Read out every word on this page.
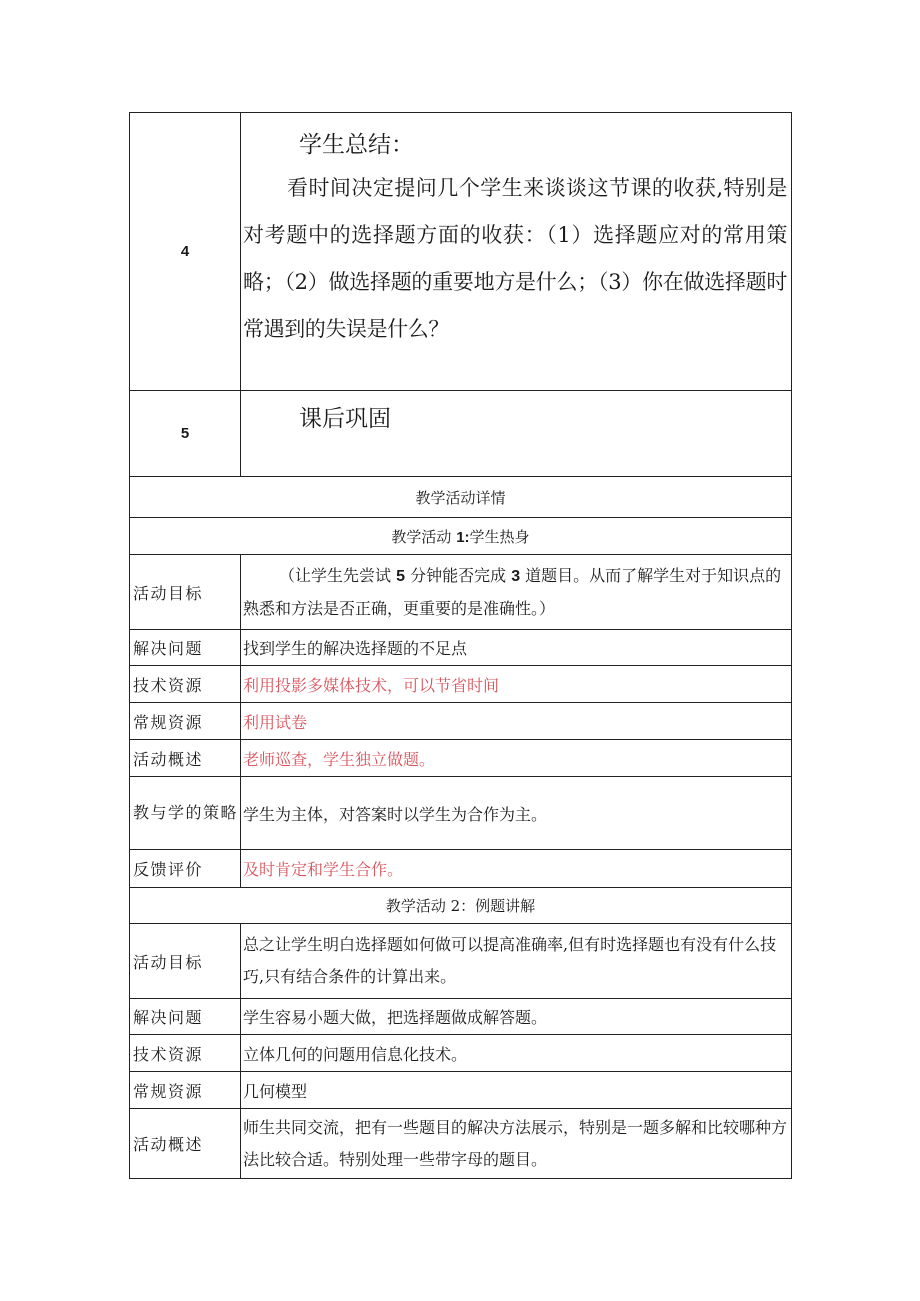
4	学生总结：

看时间决定提问几个学生来谈谈这节课的收获,特别是对考题中的选择题方面的收获：（1）选择题应对的常用策略；（2）做选择题的重要地方是什么；（3）你在做选择题时常遇到的失误是什么？

5	课后巩固

教学活动详情	
教学活动 1:学生热身	
活动目标	（让学生先尝试 5 分钟能否完成 3 道题目。从而了解学生对于知识点的熟悉和方法是否正确，更重要的是准确性。）
解决问题	找到学生的解决选择题的不足点
技术资源	利用投影多媒体技术，可以节省时间
常规资源	利用试卷
活动概述	老师巡查，学生独立做题。
教与学的策略	学生为主体，对答案时以学生为合作为主。
反馈评价	及时肯定和学生合作。
教学活动 2：例题讲解	
活动目标	总之让学生明白选择题如何做可以提高准确率,但有时选择题也有没有什么技巧,只有结合条件的计算出来。
解决问题	学生容易小题大做，把选择题做成解答题。
技术资源	立体几何的问题用信息化技术。
常规资源	几何模型
活动概述	师生共同交流，把有一些题目的解决方法展示，特别是一题多解和比较哪种方法比较合适。特别处理一些带字母的题目。
